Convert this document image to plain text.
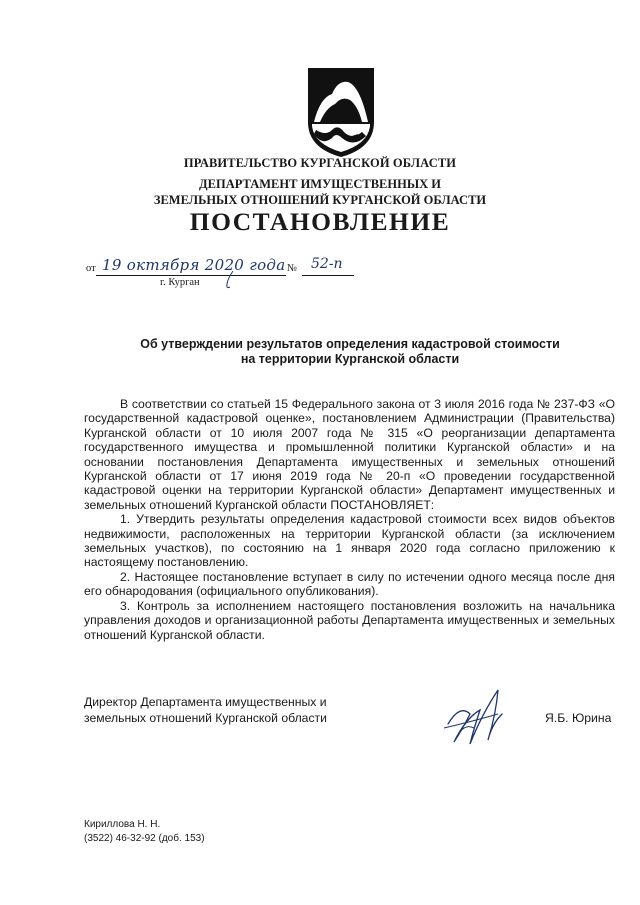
ПРАВИТЕЛЬСТВО КУРГАНСКОЙ ОБЛАСТИ
ДЕПАРТАМЕНТ ИМУЩЕСТВЕННЫХ И
ЗЕМЕЛЬНЫХ ОТНОШЕНИЙ КУРГАНСКОЙ ОБЛАСТИ
ПОСТАНОВЛЕНИЕ
от 19 октября 2020 года № 52-п
г. Курган
Об утверждении результатов определения кадастровой стоимости
на территории Курганской области

В соответствии со статьей 15 Федерального закона от 3 июля 2016 года № 237-ФЗ «О государственной кадастровой оценке», постановлением Администрации (Правительства) Курганской области от 10 июля 2007 года № 315 «О реорганизации департамента государственного имущества и промышленной политики Курганской области» и на основании постановления Департамента имущественных и земельных отношений Курганской области от 17 июня 2019 года № 20-п «О проведении государственной кадастровой оценки на территории Курганской области» Департамент имущественных и земельных отношений Курганской области ПОСТАНОВЛЯЕТ:

1. Утвердить результаты определения кадастровой стоимости всех видов объектов недвижимости, расположенных на территории Курганской области (за исключением земельных участков), по состоянию на 1 января 2020 года согласно приложению к настоящему постановлению.

2. Настоящее постановление вступает в силу по истечении одного месяца после дня его обнародования (официального опубликования).

3. Контроль за исполнением настоящего постановления возложить на начальника управления доходов и организационной работы Департамента имущественных и земельных отношений Курганской области.

Директор Департамента имущественных и
земельных отношений Курганской области	Я.Б. Юрина
Кириллова Н. Н.
(3522) 46-32-92 (доб. 153)
